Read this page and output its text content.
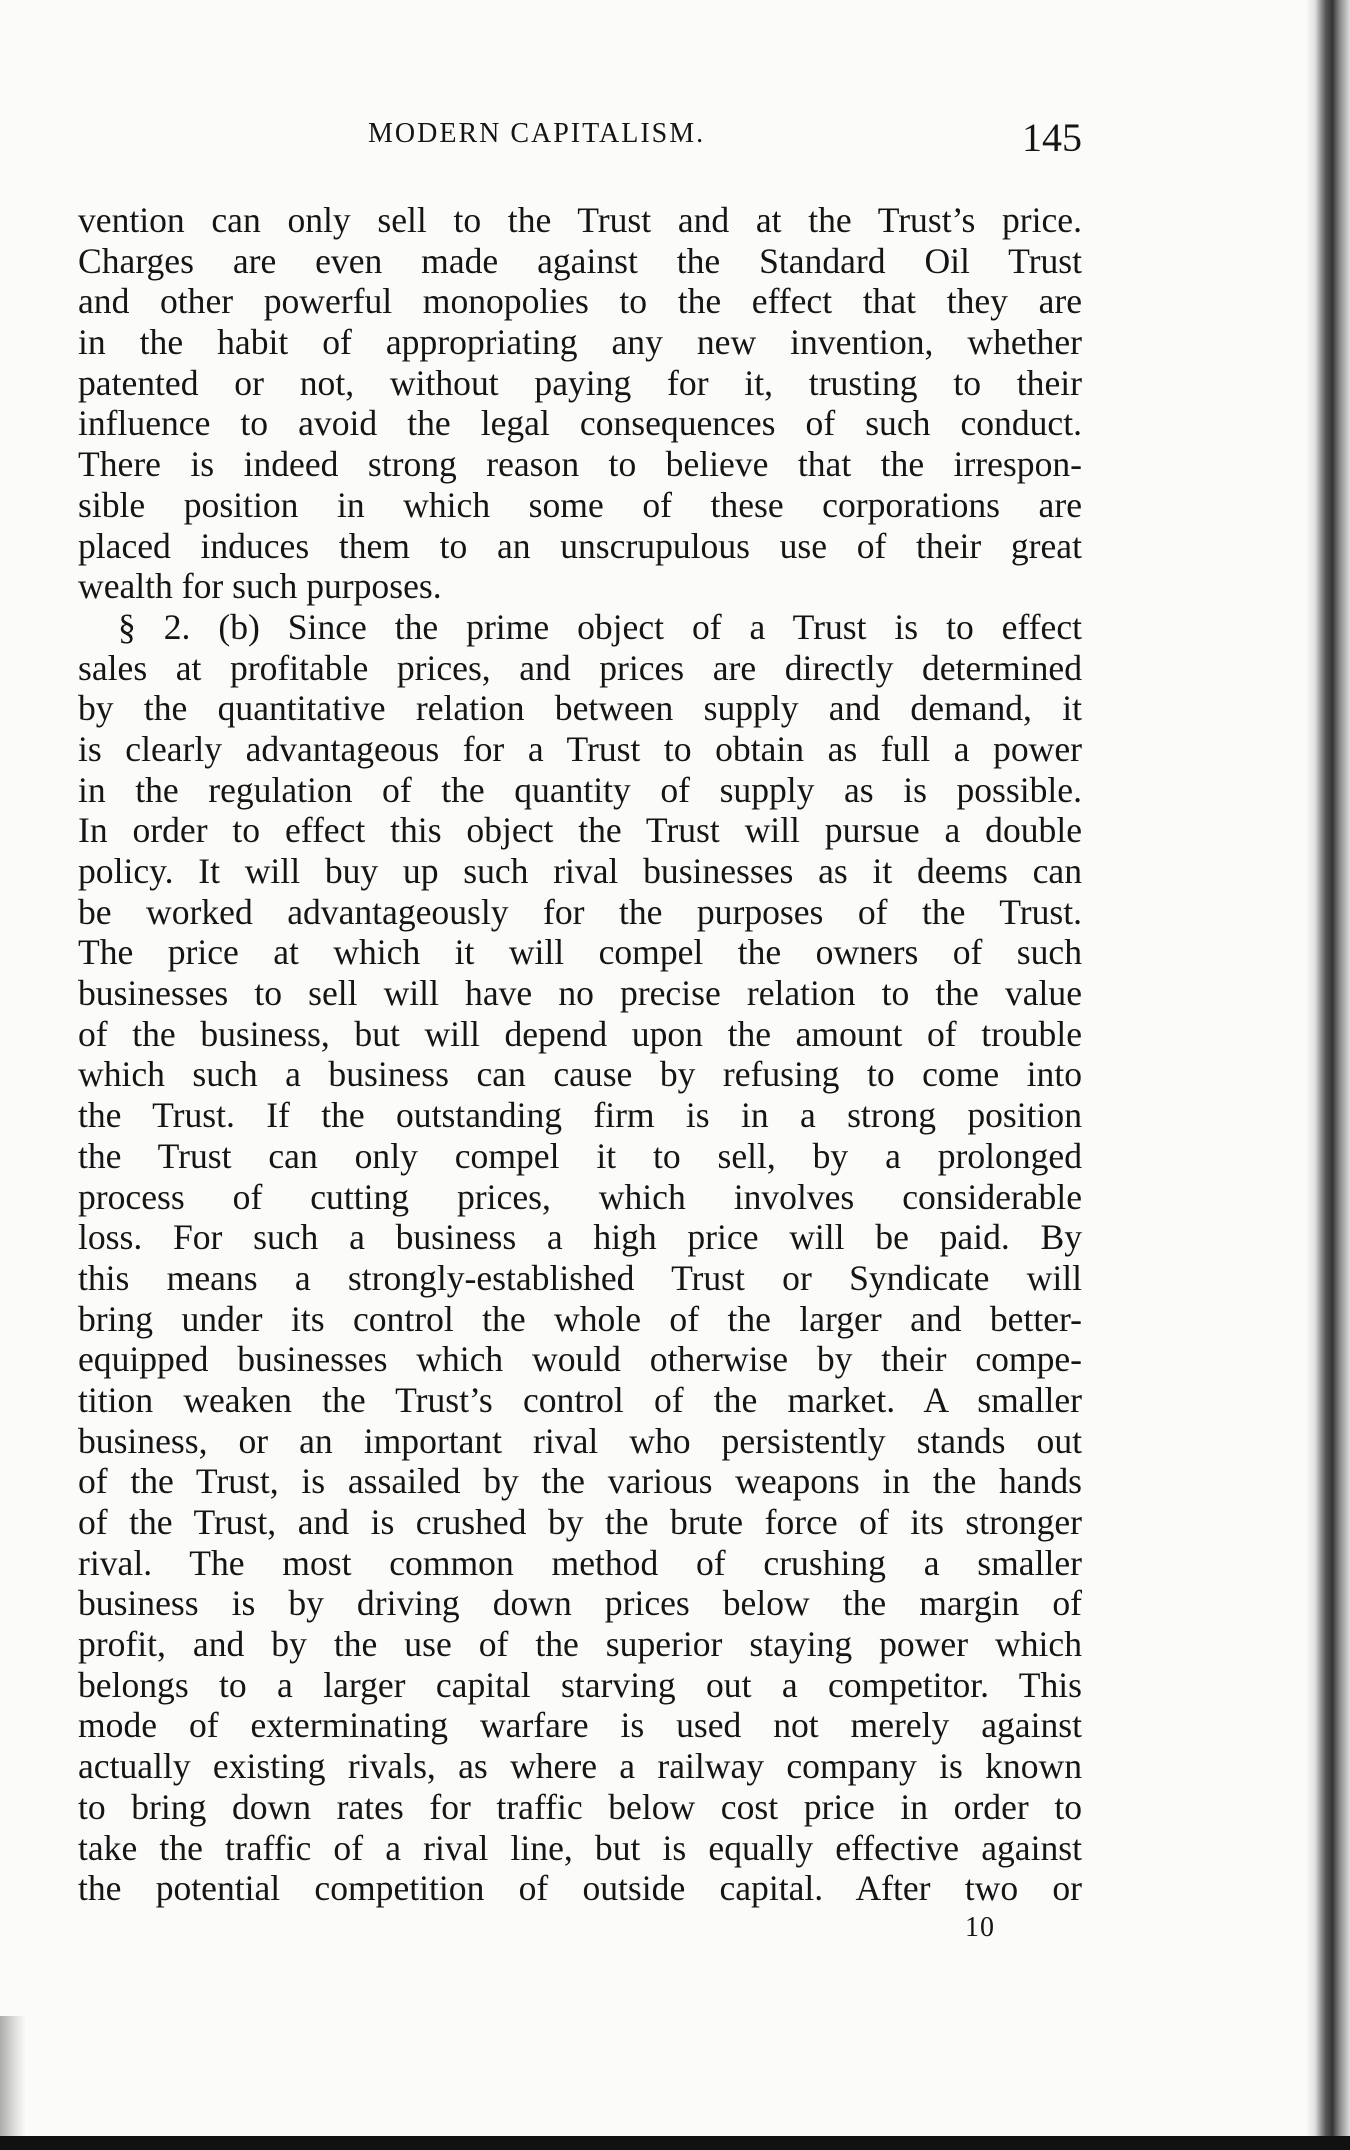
MODERN CAPITALISM.	145
vention can only sell to the Trust and at the Trust’s price.
Charges are even made against the Standard Oil Trust
and other powerful monopolies to the effect that they are
in the habit of appropriating any new invention, whether
patented or not, without paying for it, trusting to their
influence to avoid the legal consequences of such conduct.
There is indeed strong reason to believe that the irrespon-
sible position in which some of these corporations are
placed induces them to an unscrupulous use of their great
wealth for such purposes.
§ 2. (b) Since the prime object of a Trust is to effect
sales at profitable prices, and prices are directly determined
by the quantitative relation between supply and demand, it
is clearly advantageous for a Trust to obtain as full a power
in the regulation of the quantity of supply as is possible.
In order to effect this object the Trust will pursue a double
policy. It will buy up such rival businesses as it deems can
be worked advantageously for the purposes of the Trust.
The price at which it will compel the owners of such
businesses to sell will have no precise relation to the value
of the business, but will depend upon the amount of trouble
which such a business can cause by refusing to come into
the Trust. If the outstanding firm is in a strong position
the Trust can only compel it to sell, by a prolonged
process of cutting prices, which involves considerable
loss. For such a business a high price will be paid. By
this means a strongly-established Trust or Syndicate will
bring under its control the whole of the larger and better-
equipped businesses which would otherwise by their compe-
tition weaken the Trust’s control of the market. A smaller
business, or an important rival who persistently stands out
of the Trust, is assailed by the various weapons in the hands
of the Trust, and is crushed by the brute force of its stronger
rival. The most common method of crushing a smaller
business is by driving down prices below the margin of
profit, and by the use of the superior staying power which
belongs to a larger capital starving out a competitor. This
mode of exterminating warfare is used not merely against
actually existing rivals, as where a railway company is known
to bring down rates for traffic below cost price in order to
take the traffic of a rival line, but is equally effective against
the potential competition of outside capital. After two or
10
